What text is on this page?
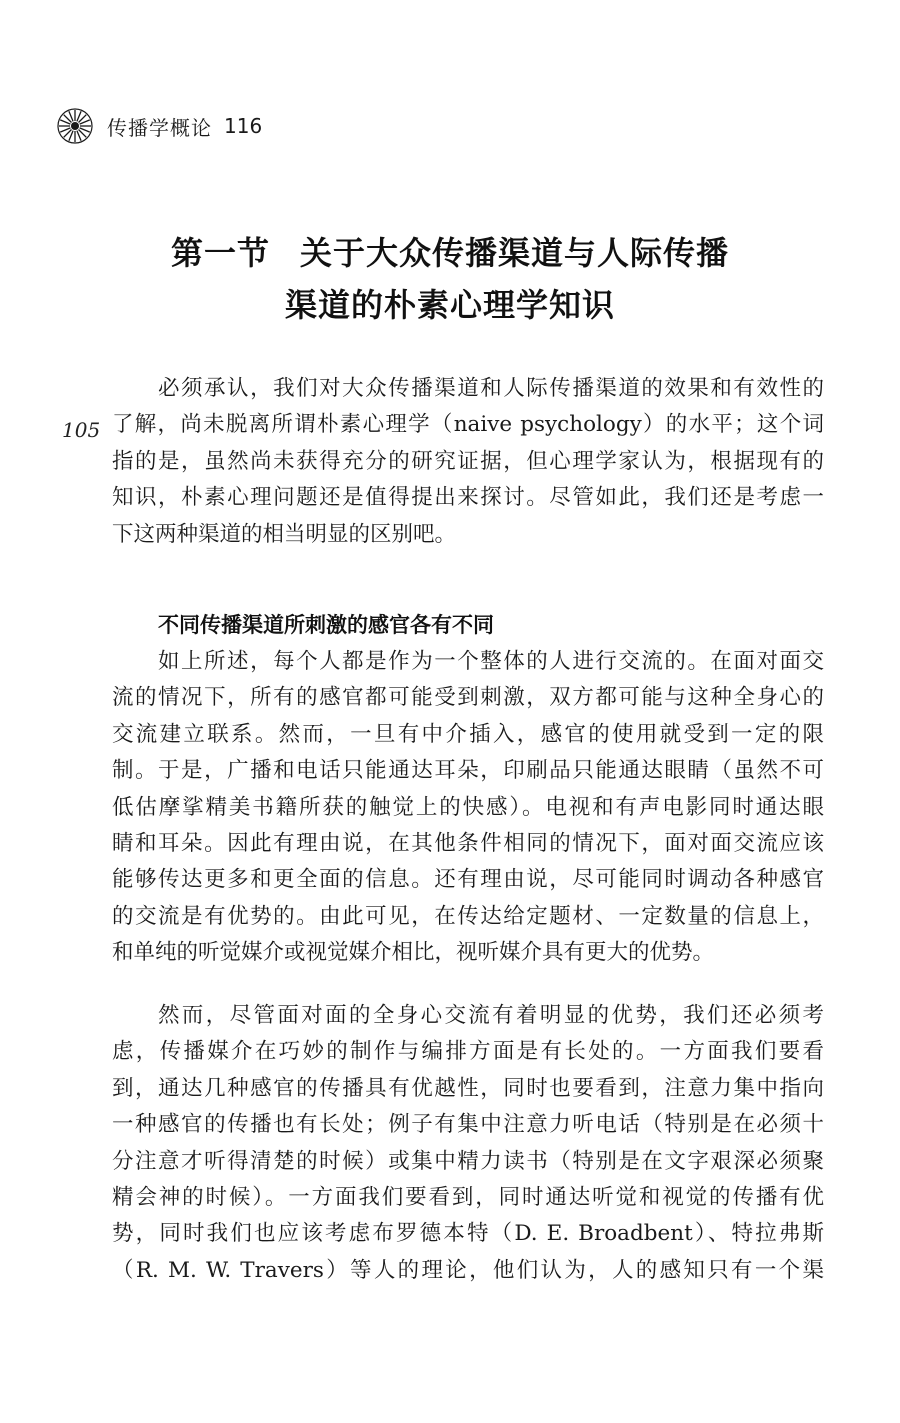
传播学概论 116
第一节 关于大众传播渠道与人际传播
渠道的朴素心理学知识
105
必须承认，我们对大众传播渠道和人际传播渠道的效果和有效性的
了解，尚未脱离所谓朴素心理学（naive psychology）的水平；这个词
指的是，虽然尚未获得充分的研究证据，但心理学家认为，根据现有的
知识，朴素心理问题还是值得提出来探讨。尽管如此，我们还是考虑一
下这两种渠道的相当明显的区别吧。
不同传播渠道所刺激的感官各有不同
如上所述，每个人都是作为一个整体的人进行交流的。在面对面交
流的情况下，所有的感官都可能受到刺激，双方都可能与这种全身心的
交流建立联系。然而，一旦有中介插入，感官的使用就受到一定的限
制。于是，广播和电话只能通达耳朵，印刷品只能通达眼睛（虽然不可
低估摩挲精美书籍所获的触觉上的快感）。电视和有声电影同时通达眼
睛和耳朵。因此有理由说，在其他条件相同的情况下，面对面交流应该
能够传达更多和更全面的信息。还有理由说，尽可能同时调动各种感官
的交流是有优势的。由此可见，在传达给定题材、一定数量的信息上，
和单纯的听觉媒介或视觉媒介相比，视听媒介具有更大的优势。
然而，尽管面对面的全身心交流有着明显的优势，我们还必须考
虑，传播媒介在巧妙的制作与编排方面是有长处的。一方面我们要看
到，通达几种感官的传播具有优越性，同时也要看到，注意力集中指向
一种感官的传播也有长处；例子有集中注意力听电话（特别是在必须十
分注意才听得清楚的时候）或集中精力读书（特别是在文字艰深必须聚
精会神的时候）。一方面我们要看到，同时通达听觉和视觉的传播有优
势，同时我们也应该考虑布罗德本特（D. E. Broadbent）、特拉弗斯
（R. M. W. Travers）等人的理论，他们认为，人的感知只有一个渠
